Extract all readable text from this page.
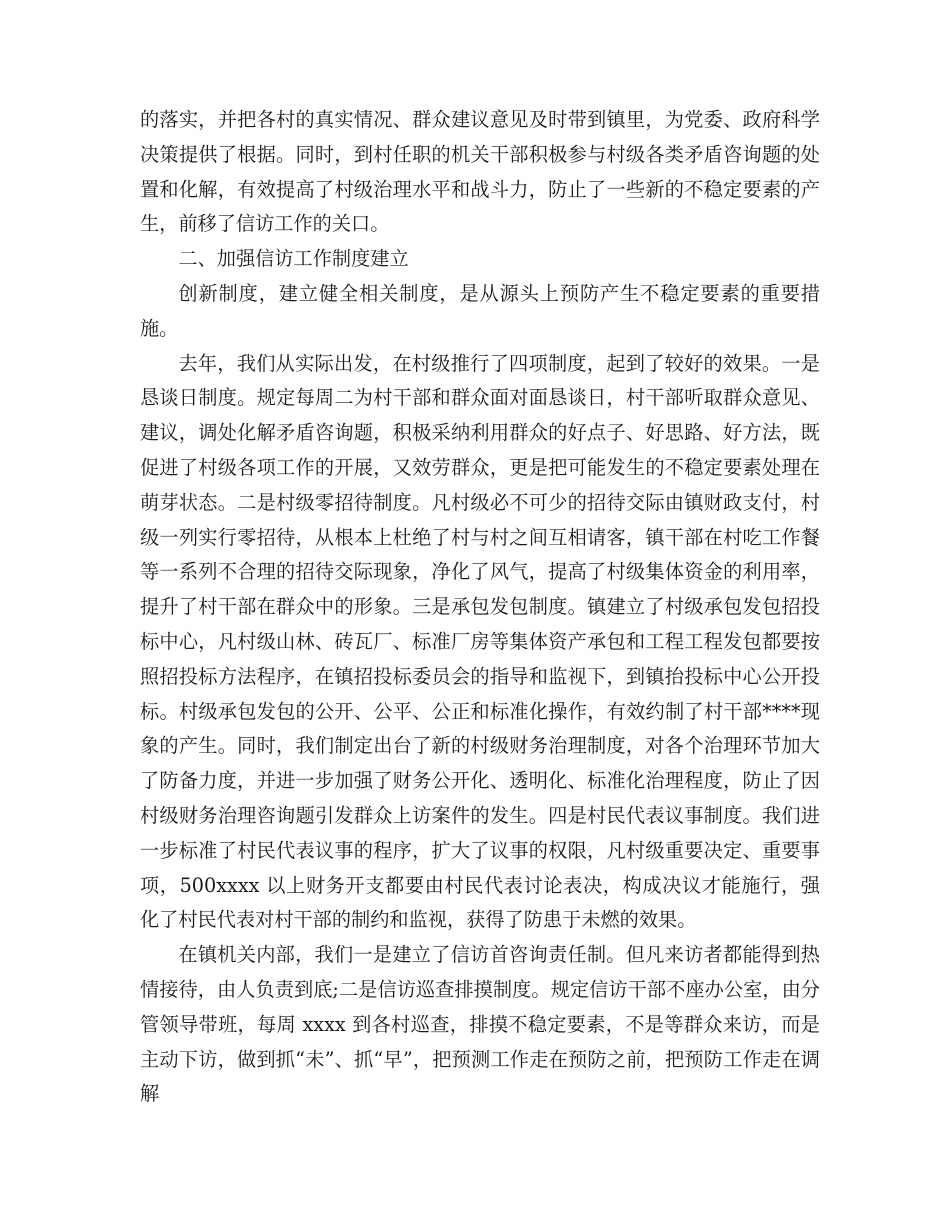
的落实，并把各村的真实情况、群众建议意见及时带到镇里，为党委、政府科学决策提供了根据。同时，到村任职的机关干部积极参与村级各类矛盾咨询题的处置和化解，有效提高了村级治理水平和战斗力，防止了一些新的不稳定要素的产生，前移了信访工作的关口。

二、加强信访工作制度建立

创新制度，建立健全相关制度，是从源头上预防产生不稳定要素的重要措施。

去年，我们从实际出发，在村级推行了四项制度，起到了较好的效果。一是恳谈日制度。规定每周二为村干部和群众面对面恳谈日，村干部听取群众意见、建议，调处化解矛盾咨询题，积极采纳利用群众的好点子、好思路、好方法，既促进了村级各项工作的开展，又效劳群众，更是把可能发生的不稳定要素处理在萌芽状态。二是村级零招待制度。凡村级必不可少的招待交际由镇财政支付，村级一列实行零招待，从根本上杜绝了村与村之间互相请客，镇干部在村吃工作餐等一系列不合理的招待交际现象，净化了风气，提高了村级集体资金的利用率，提升了村干部在群众中的形象。三是承包发包制度。镇建立了村级承包发包招投标中心，凡村级山林、砖瓦厂、标准厂房等集体资产承包和工程工程发包都要按照招投标方法程序，在镇招投标委员会的指导和监视下，到镇抬投标中心公开投标。村级承包发包的公开、公平、公正和标准化操作，有效约制了村干部****现象的产生。同时，我们制定出台了新的村级财务治理制度，对各个治理环节加大了防备力度，并进一步加强了财务公开化、透明化、标准化治理程度，防止了因村级财务治理咨询题引发群众上访案件的发生。四是村民代表议事制度。我们进一步标准了村民代表议事的程序，扩大了议事的权限，凡村级重要决定、重要事项，500xxxx 以上财务开支都要由村民代表讨论表决，构成决议才能施行，强化了村民代表对村干部的制约和监视，获得了防患于未燃的效果。

在镇机关内部，我们一是建立了信访首咨询责任制。但凡来访者都能得到热情接待，由人负责到底;二是信访巡查排摸制度。规定信访干部不座办公室，由分管领导带班，每周 xxxx 到各村巡查，排摸不稳定要素，不是等群众来访，而是主动下访，做到抓“未”、抓“早”，把预测工作走在预防之前，把预防工作走在调解
